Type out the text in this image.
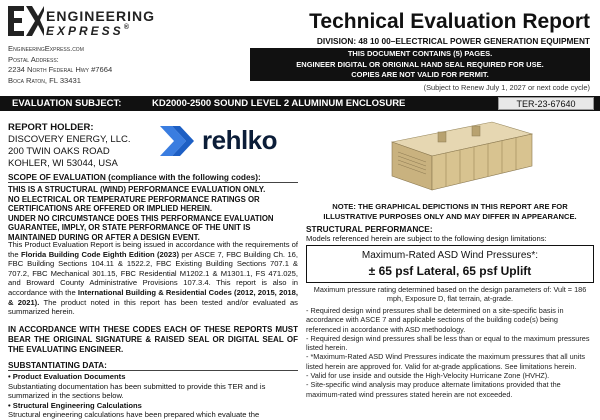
ENGINEERING
EXPRESS®
EngineeringExpress.com
Postal Address:
2234 North Federal Hwy #7664
Boca Raton, FL 33431
Technical Evaluation Report
DIVISION: 48 10 00–ELECTRICAL POWER GENERATION EQUIPMENT
THIS DOCUMENT CONTAINS (5) PAGES.
ENGINEER DIGITAL OR ORIGINAL HAND SEAL REQUIRED FOR USE.
COPIES ARE NOT VALID FOR PERMIT.
(Subject to Renew July 1, 2027 or next code cycle)
EVALUATION SUBJECT:	KD2000-2500 SOUND LEVEL 2 ALUMINUM ENCLOSURE	TER-23-67640
REPORT HOLDER:
DISCOVERY ENERGY, LLC.
200 TWIN OAKS ROAD
KOHLER, WI 53044, USA
rehlko
SCOPE OF EVALUATION (compliance with the following codes):
THIS IS A STRUCTURAL (WIND) PERFORMANCE EVALUATION ONLY.
NO ELECTRICAL OR TEMPERATURE PERFORMANCE RATINGS OR
CERTIFICATIONS ARE OFFERED OR IMPLIED HEREIN.
UNDER NO CIRCUMSTANCE DOES THIS PERFORMANCE EVALUATION
GUARANTEE, IMPLY, OR STATE PERFORMANCE OF THE UNIT IS
MAINTAINED DURING OR AFTER A DESIGN EVENT.
This Product Evaluation Report is being issued in accordance with the requirements of the Florida Building Code Eighth Edition (2023) per ASCE 7, FBC Building Ch. 16, FBC Building Sections 104.11 & 1522.2, FBC Existing Building Sections 707.1 & 707.2, FBC Mechanical 301.15, FBC Residential M1202.1 & M1301.1, FS 471.025, and Broward County Administrative Provisions 107.3.4. This report is also in accordance with the International Building & Residential Codes (2012, 2015, 2018, & 2021). The product noted in this report has been tested and/or evaluated as summarized herein.
IN ACCORDANCE WITH THESE CODES EACH OF THESE REPORTS MUST BEAR THE ORIGINAL SIGNATURE & RAISED SEAL OR DIGITAL SEAL OF THE EVALUATING ENGINEER.
SUBSTANTIATING DATA:
• Product Evaluation Documents
Substantiating documentation has been submitted to provide this TER and is summarized in the sections below.
• Structural Engineering Calculations
Structural engineering calculations have been prepared which evaluate the
NOTE: THE GRAPHICAL DEPICTIONS IN THIS REPORT ARE FOR ILLUSTRATIVE PURPOSES ONLY AND MAY DIFFER IN APPEARANCE.
STRUCTURAL PERFORMANCE:
Models referenced herein are subject to the following design limitations:
Maximum-Rated ASD Wind Pressures*:
± 65 psf Lateral, 65 psf Uplift
Maximum pressure rating determined based on the design parameters of: Vult = 186 mph, Exposure D, flat terrain, at-grade.
- Required design wind pressures shall be determined on a site-specific basis in accordance with ASCE 7 and applicable sections of the building code(s) being referenced in accordance with ASD methodology.
- Required design wind pressures shall be less than or equal to the maximum pressures listed herein.
- *Maximum-Rated ASD Wind Pressures indicate the maximum pressures that all units listed herein are approved for. Valid for at-grade applications. See limitations herein.
- Valid for use inside and outside the High-Velocity Hurricane Zone (HVHZ).
- Site-specific wind analysis may produce alternate limitations provided that the maximum-rated wind pressures stated herein are not exceeded.
